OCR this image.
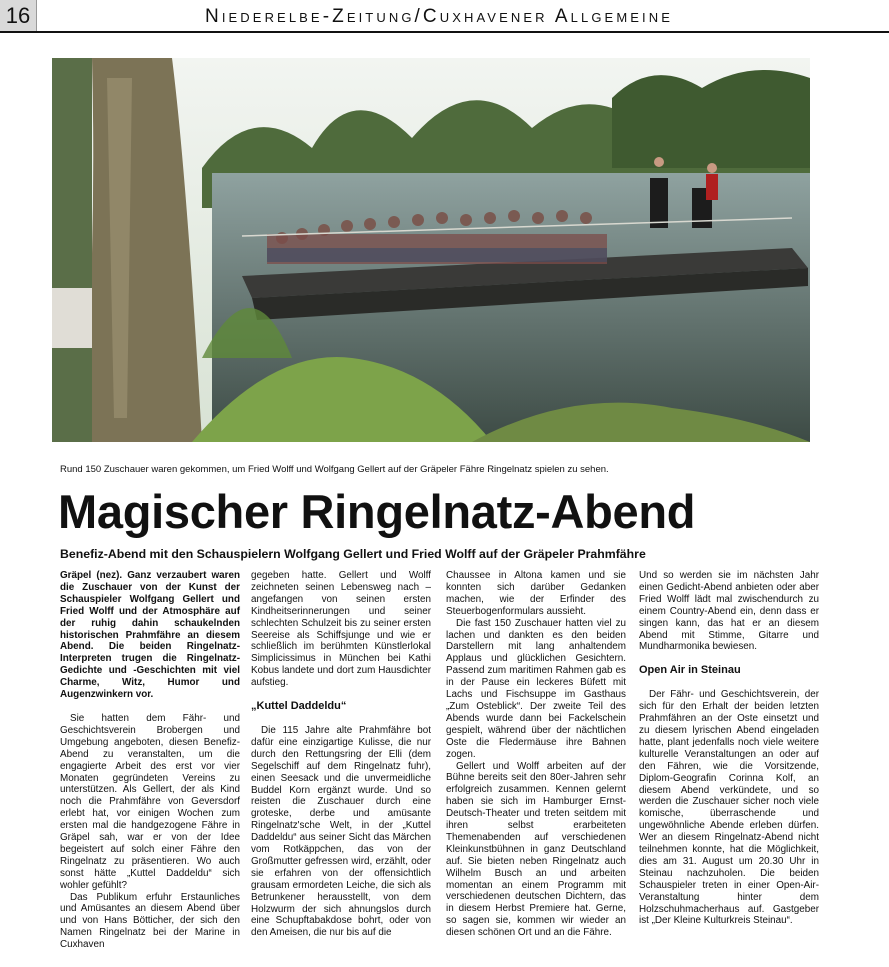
16	Niederelbe-Zeitung/Cuxhavener Allgemeine
Rund 150 Zuschauer waren gekommen, um Fried Wolff und Wolfgang Gellert auf der Gräpeler Fähre Ringelnatz spielen zu sehen.
Magischer Ringelnatz-Abend
Benefiz-Abend mit den Schauspielern Wolfgang Gellert und Fried Wolff auf der Gräpeler Prahmfähre

Gräpel (nez). Ganz verzaubert waren die Zuschauer von der Kunst der Schauspieler Wolfgang Gellert und Fried Wolff und der Atmosphäre auf der ruhig dahin schaukelnden historischen Prahmfähre an diesem Abend. Die beiden Ringelnatz-Interpreten trugen die Ringelnatz-Gedichte und -Geschichten mit viel Charme, Witz, Humor und Augenzwinkern vor.

Sie hatten dem Fähr- und Geschichtsverein Brobergen und Umgebung angeboten, diesen Benefiz-Abend zu veranstalten, um die engagierte Arbeit des erst vor vier Monaten gegründeten Vereins zu unterstützen. Als Gellert, der als Kind noch die Prahmfähre von Geversdorf erlebt hat, vor einigen Wochen zum ersten mal die handgezogene Fähre in Gräpel sah, war er von der Idee begeistert auf solch einer Fähre den Ringelnatz zu präsentieren. Wo auch sonst hätte „Kuttel Daddeldu“ sich wohler gefühlt?

Das Publikum erfuhr Erstaunliches und Amüsantes an diesem Abend über und von Hans Bötticher, der sich den Namen Ringelnatz bei der Marine in Cuxhaven

gegeben hatte. Gellert und Wolff zeichneten seinen Lebensweg nach – angefangen von seinen ersten Kindheitserinnerungen und seiner schlechten Schulzeit bis zu seiner ersten Seereise als Schiffsjunge und wie er schließlich im berühmten Künstlerlokal Simplicissimus in München bei Kathi Kobus landete und dort zum Hausdichter aufstieg.

„Kuttel Daddeldu“

Die 115 Jahre alte Prahmfähre bot dafür eine einzigartige Kulisse, die nur durch den Rettungsring der Elli (dem Segelschiff auf dem Ringelnatz fuhr), einen Seesack und die unvermeidliche Buddel Korn ergänzt wurde. Und so reisten die Zuschauer durch eine groteske, derbe und amüsante Ringelnatz'sche Welt, in der „Kuttel Daddeldu“ aus seiner Sicht das Märchen vom Rotkäppchen, das von der Großmutter gefressen wird, erzählt, oder sie erfahren von der offensichtlich grausam ermordeten Leiche, die sich als Betrunkener herausstellt, von dem Holzwurm der sich ahnungslos durch eine Schupftabakdose bohrt, oder von den Ameisen, die nur bis auf die

Chaussee in Altona kamen und sie konnten sich darüber Gedanken machen, wie der Erfinder des Steuerbogenformulars aussieht.

Die fast 150 Zuschauer hatten viel zu lachen und dankten es den beiden Darstellern mit lang anhaltendem Applaus und glücklichen Gesichtern. Passend zum maritimen Rahmen gab es in der Pause ein leckeres Büfett mit Lachs und Fischsuppe im Gasthaus „Zum Osteblick“. Der zweite Teil des Abends wurde dann bei Fackelschein gespielt, während über der nächtlichen Oste die Fledermäuse ihre Bahnen zogen.

Gellert und Wolff arbeiten auf der Bühne bereits seit den 80er-Jahren sehr erfolgreich zusammen. Kennen gelernt haben sie sich im Hamburger Ernst-Deutsch-Theater und treten seitdem mit ihren selbst erarbeiteten Themenabenden auf verschiedenen Kleinkunstbühnen in ganz Deutschland auf. Sie bieten neben Ringelnatz auch Wilhelm Busch an und arbeiten momentan an einem Programm mit verschiedenen deutschen Dichtern, das in diesem Herbst Premiere hat. Gerne, so sagen sie, kommen wir wieder an diesen schönen Ort und an die Fähre.

Und so werden sie im nächsten Jahr einen Gedicht-Abend anbieten oder aber Fried Wolff lädt mal zwischendurch zu einem Country-Abend ein, denn dass er singen kann, das hat er an diesem Abend mit Stimme, Gitarre und Mundharmonika bewiesen.

Open Air in Steinau

Der Fähr- und Geschichtsverein, der sich für den Erhalt der beiden letzten Prahmfähren an der Oste einsetzt und zu diesem lyrischen Abend eingeladen hatte, plant jedenfalls noch viele weitere kulturelle Veranstaltungen an oder auf den Fähren, wie die Vorsitzende, Diplom-Geografin Corinna Kolf, an diesem Abend verkündete, und so werden die Zuschauer sicher noch viele komische, überraschende und ungewöhnliche Abende erleben dürfen. Wer an diesem Ringelnatz-Abend nicht teilnehmen konnte, hat die Möglichkeit, dies am 31. August um 20.30 Uhr in Steinau nachzuholen. Die beiden Schauspieler treten in einer Open-Air-Veranstaltung hinter dem Holzschuhmacherhaus auf. Gastgeber ist „Der Kleine Kulturkreis Steinau“.
